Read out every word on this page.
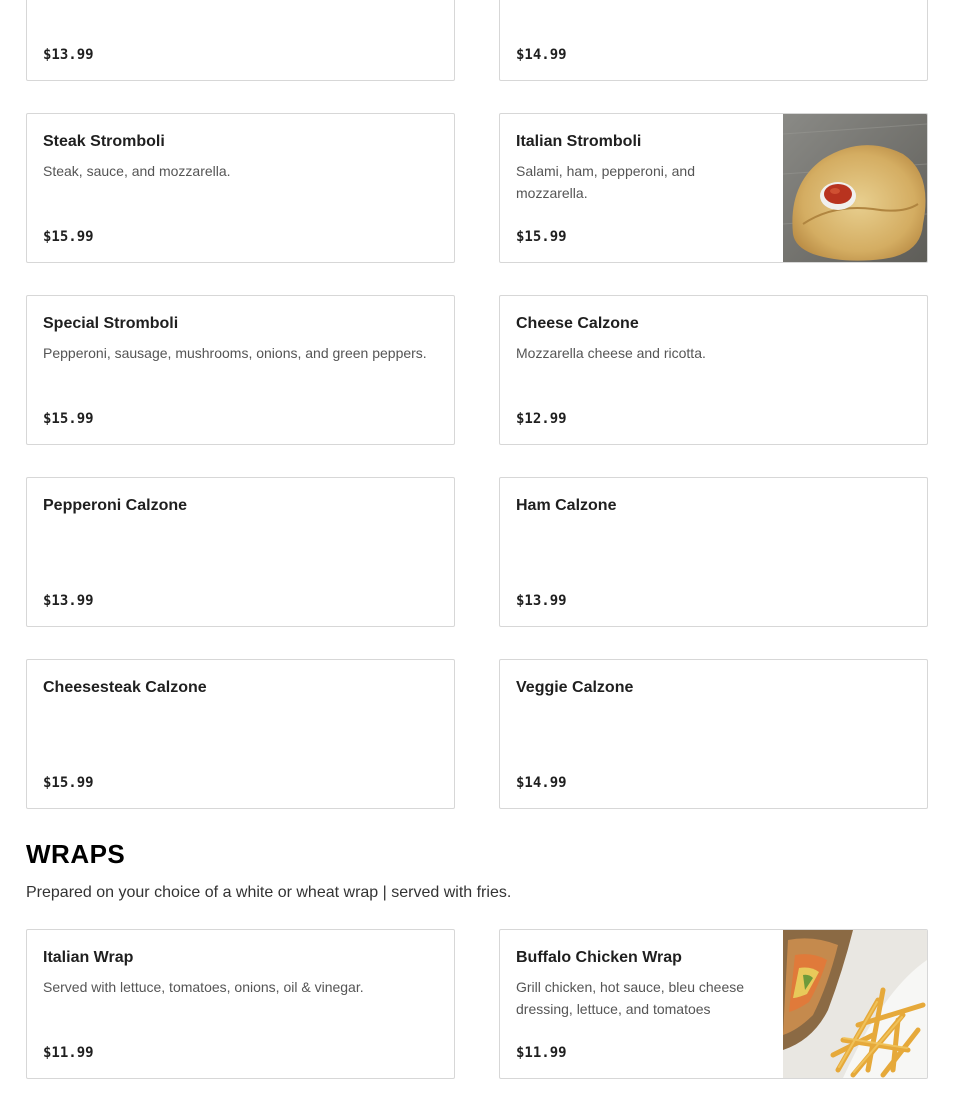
$13.99	$14.99
Steak Stromboli
Steak, sauce, and mozzarella.
$15.99
Italian Stromboli
Salami, ham, pepperoni, and mozzarella.
$15.99
Special Stromboli
Pepperoni, sausage, mushrooms, onions, and green peppers.
$15.99
Cheese Calzone
Mozzarella cheese and ricotta.
$12.99
Pepperoni Calzone
$13.99
Ham Calzone
$13.99
Cheesesteak Calzone
$15.99
Veggie Calzone
$14.99
WRAPS
Prepared on your choice of a white or wheat wrap | served with fries.
Italian Wrap
Served with lettuce, tomatoes, onions, oil & vinegar.
$11.99
Buffalo Chicken Wrap
Grill chicken, hot sauce, bleu cheese dressing, lettuce, and tomatoes
$11.99
